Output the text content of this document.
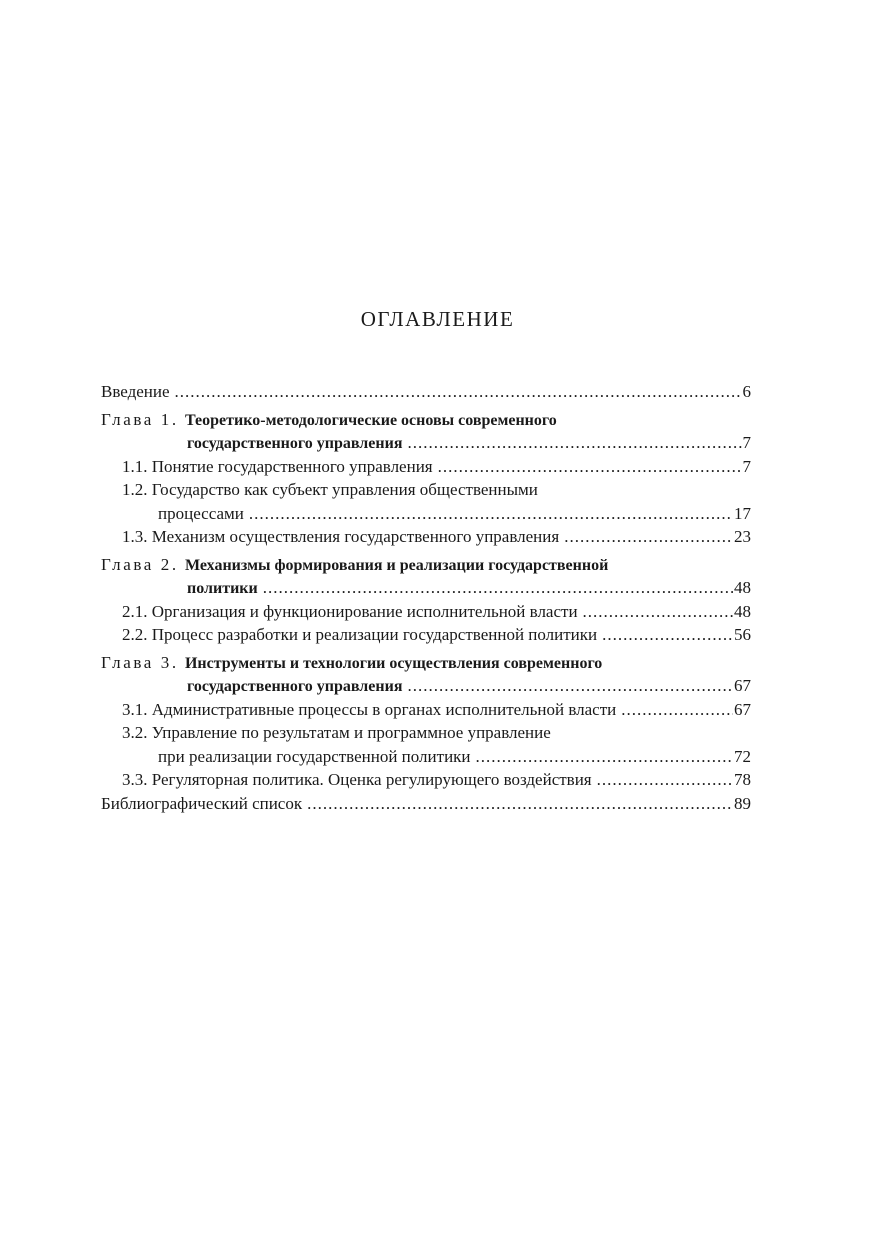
ОГЛАВЛЕНИЕ
Введение .....	6
Глава 1. Теоретико-методологические основы современного
государственного управления .....	7
1.1. Понятие государственного управления .....	7
1.2. Государство как субъект управления общественными
процессами .....	17
1.3. Механизм осуществления государственного управления .....	23
Глава 2. Механизмы формирования и реализации государственной
политики .....	48
2.1. Организация и функционирование исполнительной власти .....	48
2.2. Процесс разработки и реализации государственной политики .....	56
Глава 3. Инструменты и технологии осуществления современного
государственного управления .....	67
3.1. Административные процессы в органах исполнительной власти .....	67
3.2. Управление по результатам и программное управление
при реализации государственной политики .....	72
3.3. Регуляторная политика. Оценка регулирующего воздействия .....	78
Библиографический список .....	89
